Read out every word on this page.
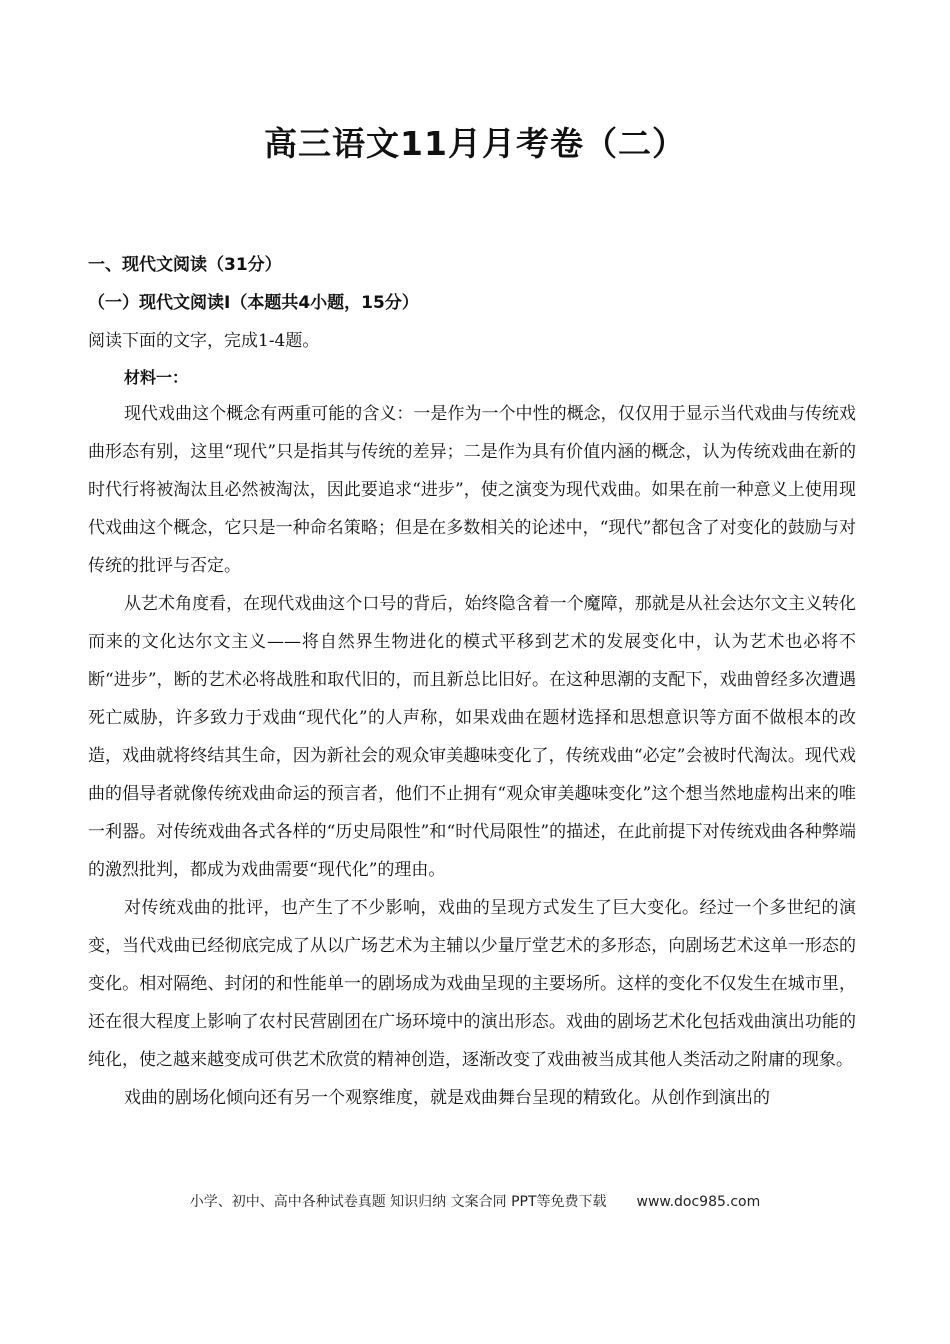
高三语文11月月考卷（二）
一、现代文阅读（31分）
（一）现代文阅读Ⅰ（本题共4小题，15分）

阅读下面的文字，完成1-4题。

材料一：

现代戏曲这个概念有两重可能的含义：一是作为一个中性的概念，仅仅用于显示当代戏曲与传统戏曲形态有别，这里“现代”只是指其与传统的差异；二是作为具有价值内涵的概念，认为传统戏曲在新的时代行将被淘汰且必然被淘汰，因此要追求“进步”，使之演变为现代戏曲。如果在前一种意义上使用现代戏曲这个概念，它只是一种命名策略；但是在多数相关的论述中，“现代”都包含了对变化的鼓励与对传统的批评与否定。

从艺术角度看，在现代戏曲这个口号的背后，始终隐含着一个魔障，那就是从社会达尔文主义转化而来的文化达尔文主义——将自然界生物进化的模式平移到艺术的发展变化中，认为艺术也必将不断“进步”，断的艺术必将战胜和取代旧的，而且新总比旧好。在这种思潮的支配下，戏曲曾经多次遭遇死亡威胁，许多致力于戏曲“现代化”的人声称，如果戏曲在题材选择和思想意识等方面不做根本的改造，戏曲就将终结其生命，因为新社会的观众审美趣味变化了，传统戏曲“必定”会被时代淘汰。现代戏曲的倡导者就像传统戏曲命运的预言者，他们不止拥有“观众审美趣味变化”这个想当然地虚构出来的唯一利器。对传统戏曲各式各样的“历史局限性”和“时代局限性”的描述，在此前提下对传统戏曲各种弊端的激烈批判，都成为戏曲需要“现代化”的理由。

对传统戏曲的批评，也产生了不少影响，戏曲的呈现方式发生了巨大变化。经过一个多世纪的演变，当代戏曲已经彻底完成了从以广场艺术为主辅以少量厅堂艺术的多形态，向剧场艺术这单一形态的变化。相对隔绝、封闭的和性能单一的剧场成为戏曲呈现的主要场所。这样的变化不仅发生在城市里，还在很大程度上影响了农村民营剧团在广场环境中的演出形态。戏曲的剧场艺术化包括戏曲演出功能的纯化，使之越来越变成可供艺术欣赏的精神创造，逐渐改变了戏曲被当成其他人类活动之附庸的现象。

戏曲的剧场化倾向还有另一个观察维度，就是戏曲舞台呈现的精致化。从创作到演出的

小学、初中、高中各种试卷真题 知识归纳 文案合同 PPT等免费下载 www.doc985.com
